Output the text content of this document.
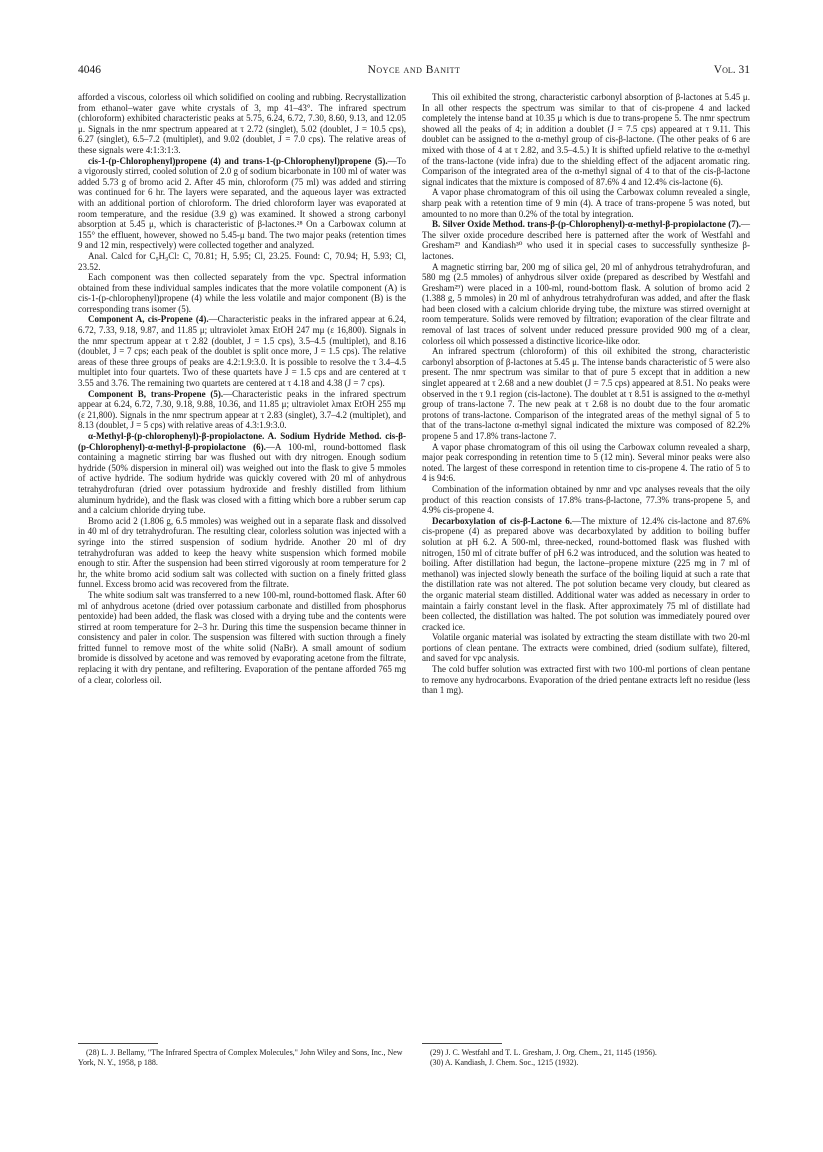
4046	Noyce and Banitt	Vol. 31

afforded a viscous, colorless oil which solidified on cooling and rubbing. Recrystallization from ethanol–water gave white crystals of 3, mp 41–43°. The infrared spectrum (chloroform) exhibited characteristic peaks at 5.75, 6.24, 6.72, 7.30, 8.60, 9.13, and 12.05 μ. Signals in the nmr spectrum appeared at τ 2.72 (singlet), 5.02 (doublet, J = 10.5 cps), 6.27 (singlet), 6.5–7.2 (multiplet), and 9.02 (doublet, J = 7.0 cps). The relative areas of these signals were 4:1:3:1:3.

cis-1-(p-Chlorophenyl)propene (4) and trans-1-(p-Chlorophenyl)propene (5).—To a vigorously stirred, cooled solution of 2.0 g of sodium bicarbonate in 100 ml of water was added 5.73 g of bromo acid 2. After 45 min, chloroform (75 ml) was added and stirring was continued for 6 hr. The layers were separated, and the aqueous layer was extracted with an additional portion of chloroform. The dried chloroform layer was evaporated at room temperature, and the residue (3.9 g) was examined. It showed a strong carbonyl absorption at 5.45 μ, which is characteristic of β-lactones.²⁸ On a Carbowax column at 155° the effluent, however, showed no 5.45-μ band. The two major peaks (retention times 9 and 12 min, respectively) were collected together and analyzed.

Anal. Calcd for C₉H₉Cl: C, 70.81; H, 5.95; Cl, 23.25. Found: C, 70.94; H, 5.93; Cl, 23.52.

Each component was then collected separately from the vpc. Spectral information obtained from these individual samples indicates that the more volatile component (A) is cis-1-(p-chlorophenyl)propene (4) while the less volatile and major component (B) is the corresponding trans isomer (5).

Component A, cis-Propene (4).—Characteristic peaks in the infrared appear at 6.24, 6.72, 7.33, 9.18, 9.87, and 11.85 μ; ultraviolet λmax EtOH 247 mμ (ε 16,800). Signals in the nmr spectrum appear at τ 2.82 (doublet, J = 1.5 cps), 3.5–4.5 (multiplet), and 8.16 (doublet, J = 7 cps; each peak of the doublet is split once more, J = 1.5 cps). The relative areas of these three groups of peaks are 4.2:1.9:3.0. It is possible to resolve the τ 3.4–4.5 multiplet into four quartets. Two of these quartets have J = 1.5 cps and are centered at τ 3.55 and 3.76. The remaining two quartets are centered at τ 4.18 and 4.38 (J = 7 cps).

Component B, trans-Propene (5).—Characteristic peaks in the infrared spectrum appear at 6.24, 6.72, 7.30, 9.18, 9.88, 10.36, and 11.85 μ; ultraviolet λmax EtOH 255 mμ (ε 21,800). Signals in the nmr spectrum appear at τ 2.83 (singlet), 3.7–4.2 (multiplet), and 8.13 (doublet, J = 5 cps) with relative areas of 4.3:1.9:3.0.

α-Methyl-β-(p-chlorophenyl)-β-propiolactone. A. Sodium Hydride Method. cis-β-(p-Chlorophenyl)-α-methyl-β-propiolactone (6).—A 100-ml, round-bottomed flask containing a magnetic stirring bar was flushed out with dry nitrogen. Enough sodium hydride (50% dispersion in mineral oil) was weighed out into the flask to give 5 mmoles of active hydride. The sodium hydride was quickly covered with 20 ml of anhydrous tetrahydrofuran (dried over potassium hydroxide and freshly distilled from lithium aluminum hydride), and the flask was closed with a fitting which bore a rubber serum cap and a calcium chloride drying tube.

Bromo acid 2 (1.806 g, 6.5 mmoles) was weighed out in a separate flask and dissolved in 40 ml of dry tetrahydrofuran. The resulting clear, colorless solution was injected with a syringe into the stirred suspension of sodium hydride. Another 20 ml of dry tetrahydrofuran was added to keep the heavy white suspension which formed mobile enough to stir. After the suspension had been stirred vigorously at room temperature for 2 hr, the white bromo acid sodium salt was collected with suction on a finely fritted glass funnel. Excess bromo acid was recovered from the filtrate.

The white sodium salt was transferred to a new 100-ml, round-bottomed flask. After 60 ml of anhydrous acetone (dried over potassium carbonate and distilled from phosphorus pentoxide) had been added, the flask was closed with a drying tube and the contents were stirred at room temperature for 2–3 hr. During this time the suspension became thinner in consistency and paler in color. The suspension was filtered with suction through a finely fritted funnel to remove most of the white solid (NaBr). A small amount of sodium bromide is dissolved by acetone and was removed by evaporating acetone from the filtrate, replacing it with dry pentane, and refiltering. Evaporation of the pentane afforded 765 mg of a clear, colorless oil.

This oil exhibited the strong, characteristic carbonyl absorption of β-lactones at 5.45 μ. In all other respects the spectrum was similar to that of cis-propene 4 and lacked completely the intense band at 10.35 μ which is due to trans-propene 5. The nmr spectrum showed all the peaks of 4; in addition a doublet (J = 7.5 cps) appeared at τ 9.11. This doublet can be assigned to the α-methyl group of cis-β-lactone. (The other peaks of 6 are mixed with those of 4 at τ 2.82, and 3.5–4.5.) It is shifted upfield relative to the α-methyl of the trans-lactone (vide infra) due to the shielding effect of the adjacent aromatic ring. Comparison of the integrated area of the α-methyl signal of 4 to that of the cis-β-lactone signal indicates that the mixture is composed of 87.6% 4 and 12.4% cis-lactone (6).

A vapor phase chromatogram of this oil using the Carbowax column revealed a single, sharp peak with a retention time of 9 min (4). A trace of trans-propene 5 was noted, but amounted to no more than 0.2% of the total by integration.

B. Silver Oxide Method. trans-β-(p-Chlorophenyl)-α-methyl-β-propiolactone (7).—The silver oxide procedure described here is patterned after the work of Westfahl and Gresham²⁹ and Kandiash³⁰ who used it in special cases to successfully synthesize β-lactones.

A magnetic stirring bar, 200 mg of silica gel, 20 ml of anhydrous tetrahydrofuran, and 580 mg (2.5 mmoles) of anhydrous silver oxide (prepared as described by Westfahl and Gresham²⁹) were placed in a 100-ml, round-bottom flask. A solution of bromo acid 2 (1.388 g, 5 mmoles) in 20 ml of anhydrous tetrahydrofuran was added, and after the flask had been closed with a calcium chloride drying tube, the mixture was stirred overnight at room temperature. Solids were removed by filtration; evaporation of the clear filtrate and removal of last traces of solvent under reduced pressure provided 900 mg of a clear, colorless oil which possessed a distinctive licorice-like odor.

An infrared spectrum (chloroform) of this oil exhibited the strong, characteristic carbonyl absorption of β-lactones at 5.45 μ. The intense bands characteristic of 5 were also present. The nmr spectrum was similar to that of pure 5 except that in addition a new singlet appeared at τ 2.68 and a new doublet (J = 7.5 cps) appeared at 8.51. No peaks were observed in the τ 9.1 region (cis-lactone). The doublet at τ 8.51 is assigned to the α-methyl group of trans-lactone 7. The new peak at τ 2.68 is no doubt due to the four aromatic protons of trans-lactone. Comparison of the integrated areas of the methyl signal of 5 to that of the trans-lactone α-methyl signal indicated the mixture was composed of 82.2% propene 5 and 17.8% trans-lactone 7.

A vapor phase chromatogram of this oil using the Carbowax column revealed a sharp, major peak corresponding in retention time to 5 (12 min). Several minor peaks were also noted. The largest of these correspond in retention time to cis-propene 4. The ratio of 5 to 4 is 94:6.

Combination of the information obtained by nmr and vpc analyses reveals that the oily product of this reaction consists of 17.8% trans-β-lactone, 77.3% trans-propene 5, and 4.9% cis-propene 4.

Decarboxylation of cis-β-Lactone 6.—The mixture of 12.4% cis-lactone and 87.6% cis-propene (4) as prepared above was decarboxylated by addition to boiling buffer solution at pH 6.2. A 500-ml, three-necked, round-bottomed flask was flushed with nitrogen, 150 ml of citrate buffer of pH 6.2 was introduced, and the solution was heated to boiling. After distillation had begun, the lactone–propene mixture (225 mg in 7 ml of methanol) was injected slowly beneath the surface of the boiling liquid at such a rate that the distillation rate was not altered. The pot solution became very cloudy, but cleared as the organic material steam distilled. Additional water was added as necessary in order to maintain a fairly constant level in the flask. After approximately 75 ml of distillate had been collected, the distillation was halted. The pot solution was immediately poured over cracked ice.

Volatile organic material was isolated by extracting the steam distillate with two 20-ml portions of clean pentane. The extracts were combined, dried (sodium sulfate), filtered, and saved for vpc analysis.

The cold buffer solution was extracted first with two 100-ml portions of clean pentane to remove any hydrocarbons. Evaporation of the dried pentane extracts left no residue (less than 1 mg).

(28) L. J. Bellamy, "The Infrared Spectra of Complex Molecules," John Wiley and Sons, Inc., New York, N. Y., 1958, p 188.

(29) J. C. Westfahl and T. L. Gresham, J. Org. Chem., 21, 1145 (1956).

(30) A. Kandiash, J. Chem. Soc., 1215 (1932).
